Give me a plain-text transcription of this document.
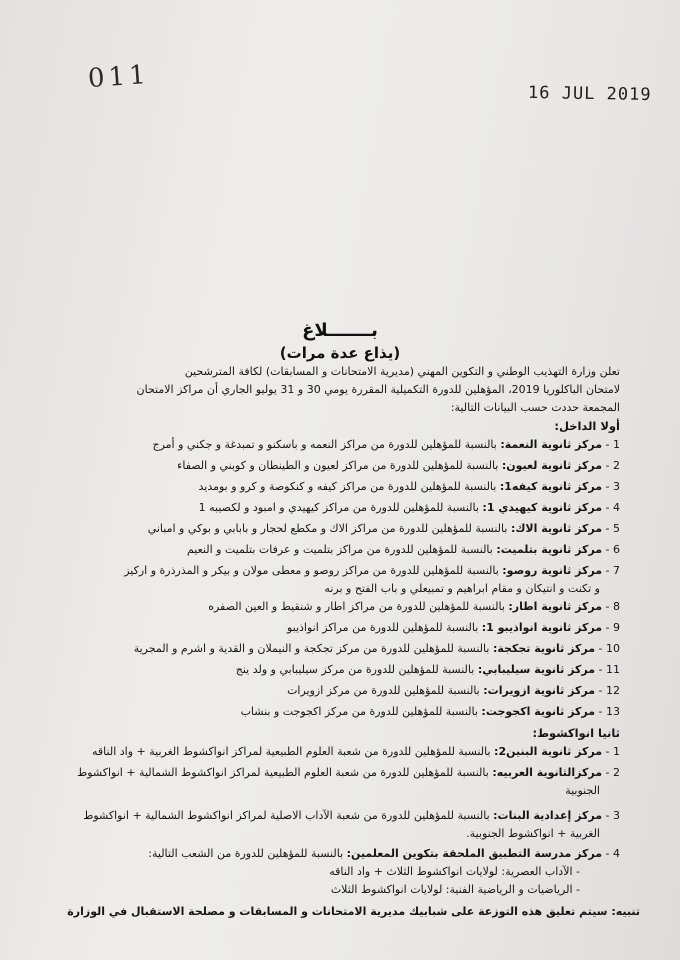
011	16 JUL 2019
بـــــــلاغ
(يذاع عدة مرات)
تعلن وزارة التهذيب الوطني و التكوين المهني (مديرية الامتحانات و المسابقات) لكافة المترشحين
لامتحان الباكلوريا 2019، المؤهلين للدورة التكميلية المقررة يومي 30 و 31 يوليو الجاري أن مراكز الامتحان
المجمعة حددت حسب البيانات التالية:
أولا الداخل:
1 - مركز ثانوية النعمة: بالنسبة للمؤهلين للدورة من مراكز النعمه و باسكنو و تمبدغة و جكني و أمرج
2 - مركز ثانوية لعيون: بالنسبة للمؤهلين للدورة من مراكز لعيون و الطينطان و كوبني و الصفاء
3 - مركز ثانوية كيفه1: بالنسبة للمؤهلين للدورة من مراكز كيفه و كنكوصة و كرو و بومديد
4 - مركز ثانوية كيهيدي 1: بالنسبة للمؤهلين للدورة من مراكز كيهيدي و امبود و لكصيبه 1
5 - مركز ثانوية الاك: بالنسبة للمؤهلين للدورة من مراكز الاك و مكطع لحجار و بابابي و بوكي و امباني
6 - مركز ثانوية بتلميت: بالنسبة للمؤهلين للدورة من مراكز بتلميت و عرفات بتلميت و النعيم
7 - مركز ثانوية روصو: بالنسبة للمؤهلين للدورة من مراكز روصو و معطى مولان و بيكر و المذرذرة و اركيز
و تكنت و انتيكان و مقام ابراهيم و تمبيعلي و باب الفتح و برنه
8 - مركز ثانوية اطار: بالنسبة للمؤهلين للدورة من مراكز اطار و شنقيط و العين الصفره
9 - مركز ثانوية انواذيبو 1: بالنسبة للمؤهلين للدورة من مراكز انواذيبو
10 - مركز ثانوية تجكجة: بالنسبة للمؤهلين للدورة من مركز تجكجة و النيملان و القدية و اشرم و المجرية
11 - مركز ثانوية سيليبابي: بالنسبة للمؤهلين للدورة من مركز سيليبابي و ولد ينج
12 - مركز ثانوية ازويرات: بالنسبة للمؤهلين للدورة من مركز ازويرات
13 - مركز ثانوية اكجوجت: بالنسبة للمؤهلين للدورة من مركز اكجوجت و بنشاب
ثانيا انواكشوط:
1 - مركز ثانوية البنين2: بالنسبة للمؤهلين للدورة من شعبة العلوم الطبيعية لمراكز انواكشوط الغربية + واد الناقه
2 - مركزالثانوية العربيه: بالنسبة للمؤهلين للدورة من شعبة العلوم الطبيعية لمراكز انواكشوط الشمالية + انواكشوط
الجنوبية
3 - مركز إعدادية البنات: بالنسبة للمؤهلين للدورة من شعبة الآداب الاصلية لمراكز انواكشوط الشمالية + انواكشوط
الغربية + انواكشوط الجنوبية.
4 - مركز مدرسة التطبيق الملحقة بتكوين المعلمين: بالنسبة للمؤهلين للدورة من الشعب التالية:
- الآداب العصرية: لولايات انواكشوط الثلاث + واد الناقه
- الرياضيات و الرياضية الفنية: لولايات انواكشوط الثلاث
تنبيه: سيتم تعليق هذه التوزعة على شبابيك مديرية الامتحانات و المسابقات و مصلحة الاستقبال في الوزارة
